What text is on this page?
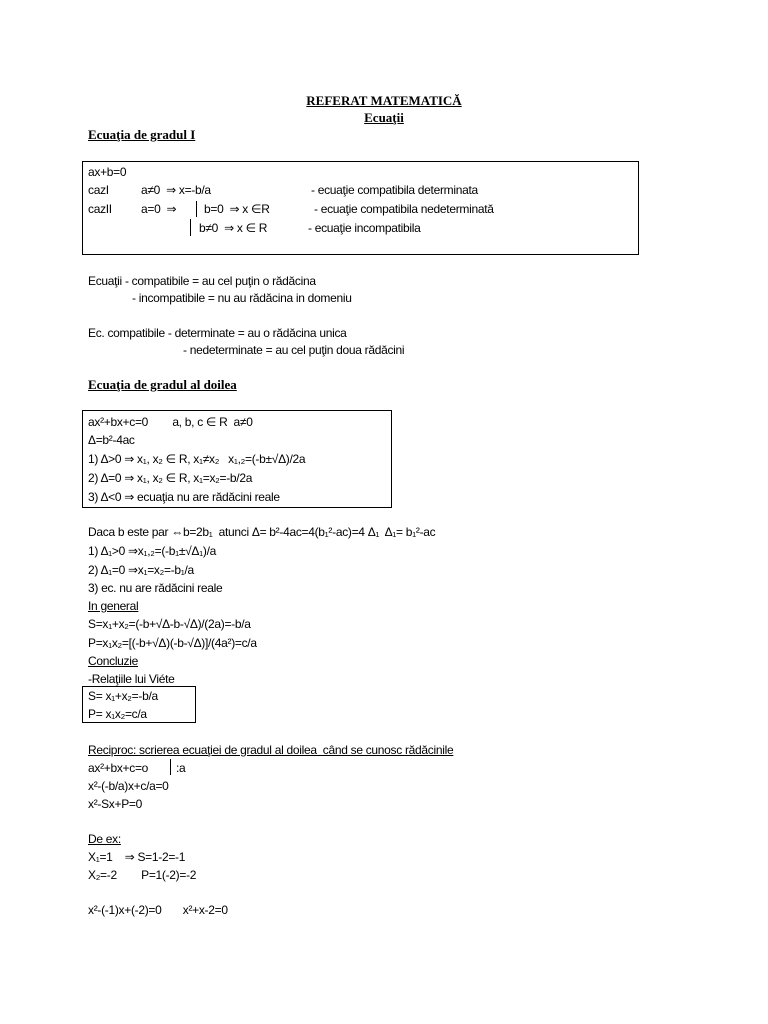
REFERAT MATEMATICĂ
Ecuaţii
Ecuaţia de gradul I
ax+b=0
cazI	a≠0  ⇒ x=-b/a	- ecuaţie compatibila determinata
cazII a=0  ⇒ b=0  ⇒ x ∈R	- ecuaţie compatibila nedeterminată
b≠0  ⇒ x ∈ R	- ecuaţie incompatibila
Ecuaţii - compatibile = au cel puţin o rădăcina
- incompatibile = nu au rădăcina in domeniu
Ec. compatibile - determinate = au o rădăcina unica
- nedeterminate = au cel puţin doua rădăcini
Ecuaţia de gradul al doilea
ax²+bx+c=0        a, b, c ∈ R  a≠0
Δ=b²-4ac
1) Δ>0 ⇒ x₁, x₂ ∈ R, x₁≠x₂   x₁,₂=(-b±√Δ)/2a
2) Δ=0 ⇒ x₁, x₂ ∈ R, x₁=x₂=-b/2a
3) Δ<0 ⇒ ecuaţia nu are rădăcini reale
Daca b este par ⇔b=2b₁  atunci Δ= b²-4ac=4(b₁²-ac)=4 Δ₁  Δ₁= b₁²-ac
1) Δ₁>0 ⇒x₁,₂=(-b₁±√Δ₁)/a
2) Δ₁=0 ⇒x₁=x₂=-b₁/a
3) ec. nu are rădăcini reale
In general
S=x₁+x₂=(-b+√Δ-b-√Δ)/(2a)=-b/a
P=x₁x₂=[(-b+√Δ)(-b-√Δ)]/(4a²)=c/a
Concluzie
-Relaţiile lui Viéte
S= x₁+x₂=-b/a
P= x₁x₂=c/a
Reciproc: scrierea ecuaţiei de gradul al doilea  când se cunosc rădăcinile
ax²+bx+c=o :a
x²-(-b/a)x+c/a=0
x²-Sx+P=0
De ex:
X₁=1    ⇒ S=1-2=-1
X₂=-2        P=1(-2)=-2
x²-(-1)x+(-2)=0       x²+x-2=0
